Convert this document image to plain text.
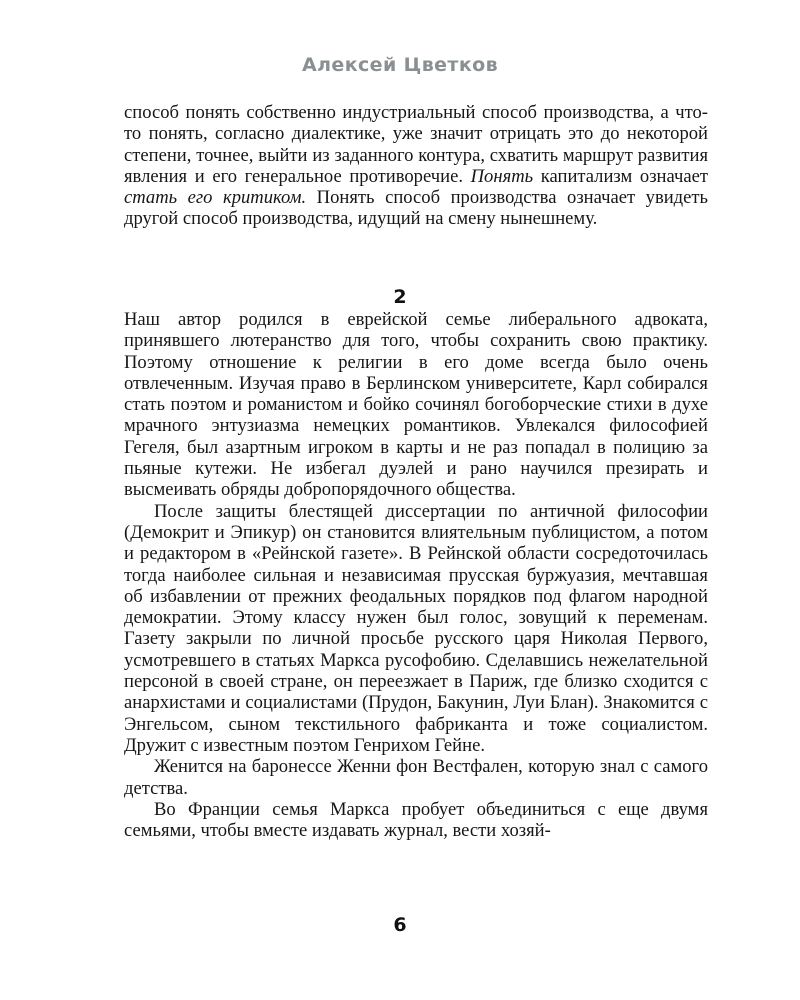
Алексей Цветков

способ понять собственно индустриальный способ производства, а что-то понять, согласно диалектике, уже значит отрицать это до некоторой степени, точнее, выйти из заданного контура, схватить маршрут развития явления и его генеральное противоречие. Понять капитализм означает стать его критиком. Понять способ производства означает увидеть другой способ производства, идущий на смену нынешнему.

2

Наш автор родился в еврейской семье либерального адвоката, принявшего лютеранство для того, чтобы сохранить свою практику. Поэтому отношение к религии в его доме всегда было очень отвлеченным. Изучая право в Берлинском университете, Карл собирался стать поэтом и романистом и бойко сочинял богоборческие стихи в духе мрачного энтузиазма немецких романтиков. Увлекался философией Гегеля, был азартным игроком в карты и не раз попадал в полицию за пьяные кутежи. Не избегал дуэлей и рано научился презирать и высмеивать обряды добропорядочного общества.

После защиты блестящей диссертации по античной философии (Демокрит и Эпикур) он становится влиятельным публицистом, а потом и редактором в «Рейнской газете». В Рейнской области сосредоточилась тогда наиболее сильная и независимая прусская буржуазия, мечтавшая об избавлении от прежних феодальных порядков под флагом народной демократии. Этому классу нужен был голос, зовущий к переменам. Газету закрыли по личной просьбе русского царя Николая Первого, усмотревшего в статьях Маркса русофобию. Сделавшись нежелательной персоной в своей стране, он переезжает в Париж, где близко сходится с анархистами и социалистами (Прудон, Бакунин, Луи Блан). Знакомится с Энгельсом, сыном текстильного фабриканта и тоже социалистом. Дружит с известным поэтом Генрихом Гейне.

Женится на баронессе Женни фон Вестфален, которую знал с самого детства.

Во Франции семья Маркса пробует объединиться с еще двумя семьями, чтобы вместе издавать журнал, вести хозяй-

6
